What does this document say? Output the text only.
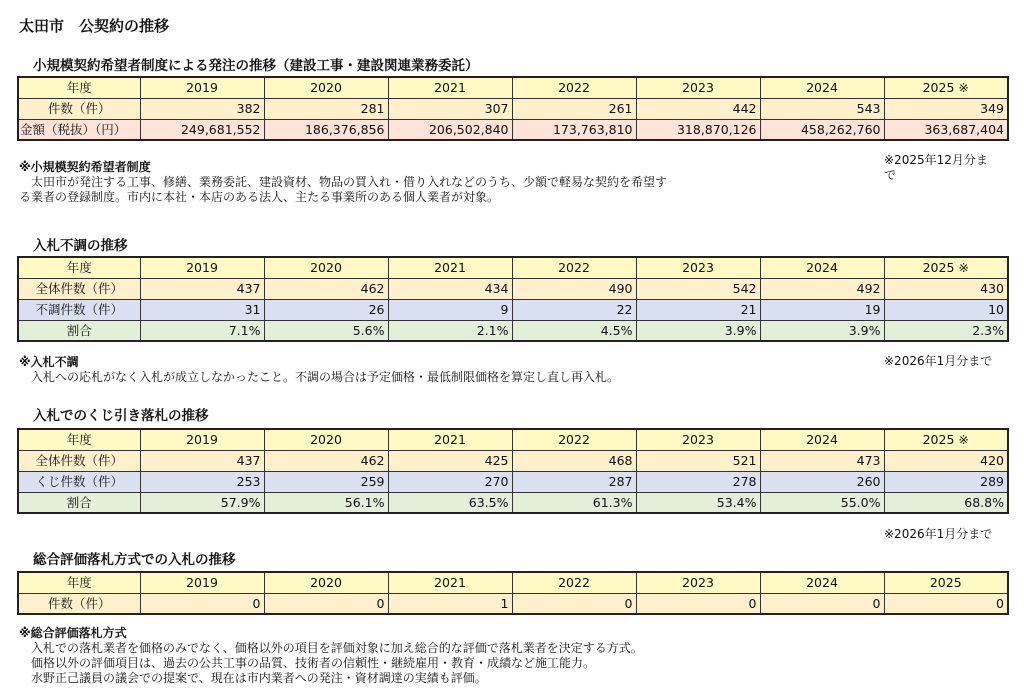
太田市　公契約の推移
小規模契約希望者制度による発注の推移（建設工事・建設関連業務委託）
年度	2019	2020	2021	2022	2023	2024	2025 ※
件数（件）	382	281	307	261	442	543	349
金額（税抜）（円）	249,681,552	186,376,856	206,502,840	173,763,810	318,870,126	458,262,760	363,687,404
※2025年12月分ま
で
※小規模契約希望者制度
　太田市が発注する工事、修繕、業務委託、建設資材、物品の買入れ・借り入れなどのうち、少額で軽易な契約を希望す
る業者の登録制度。市内に本社・本店のある法人、主たる事業所のある個人業者が対象。
入札不調の推移
年度	2019	2020	2021	2022	2023	2024	2025 ※
全体件数（件）	437	462	434	490	542	492	430
不調件数（件）	31	26	9	22	21	19	10
割合	7.1%	5.6%	2.1%	4.5%	3.9%	3.9%	2.3%
※2026年1月分まで
※入札不調
　入札への応札がなく入札が成立しなかったこと。不調の場合は予定価格・最低制限価格を算定し直し再入札。
入札でのくじ引き落札の推移
年度	2019	2020	2021	2022	2023	2024	2025 ※
全体件数（件）	437	462	425	468	521	473	420
くじ件数（件）	253	259	270	287	278	260	289
割合	57.9%	56.1%	63.5%	61.3%	53.4%	55.0%	68.8%
※2026年1月分まで
総合評価落札方式での入札の推移
年度	2019	2020	2021	2022	2023	2024	2025
件数（件）	0	0	1	0	0	0	0
※総合評価落札方式
　入札での落札業者を価格のみでなく、価格以外の項目を評価対象に加え総合的な評価で落札業者を決定する方式。
　価格以外の評価項目は、過去の公共工事の品質、技術者の信頼性・継続雇用・教育・成績など施工能力。
　水野正己議員の議会での提案で、現在は市内業者への発注・資材調達の実績も評価。
